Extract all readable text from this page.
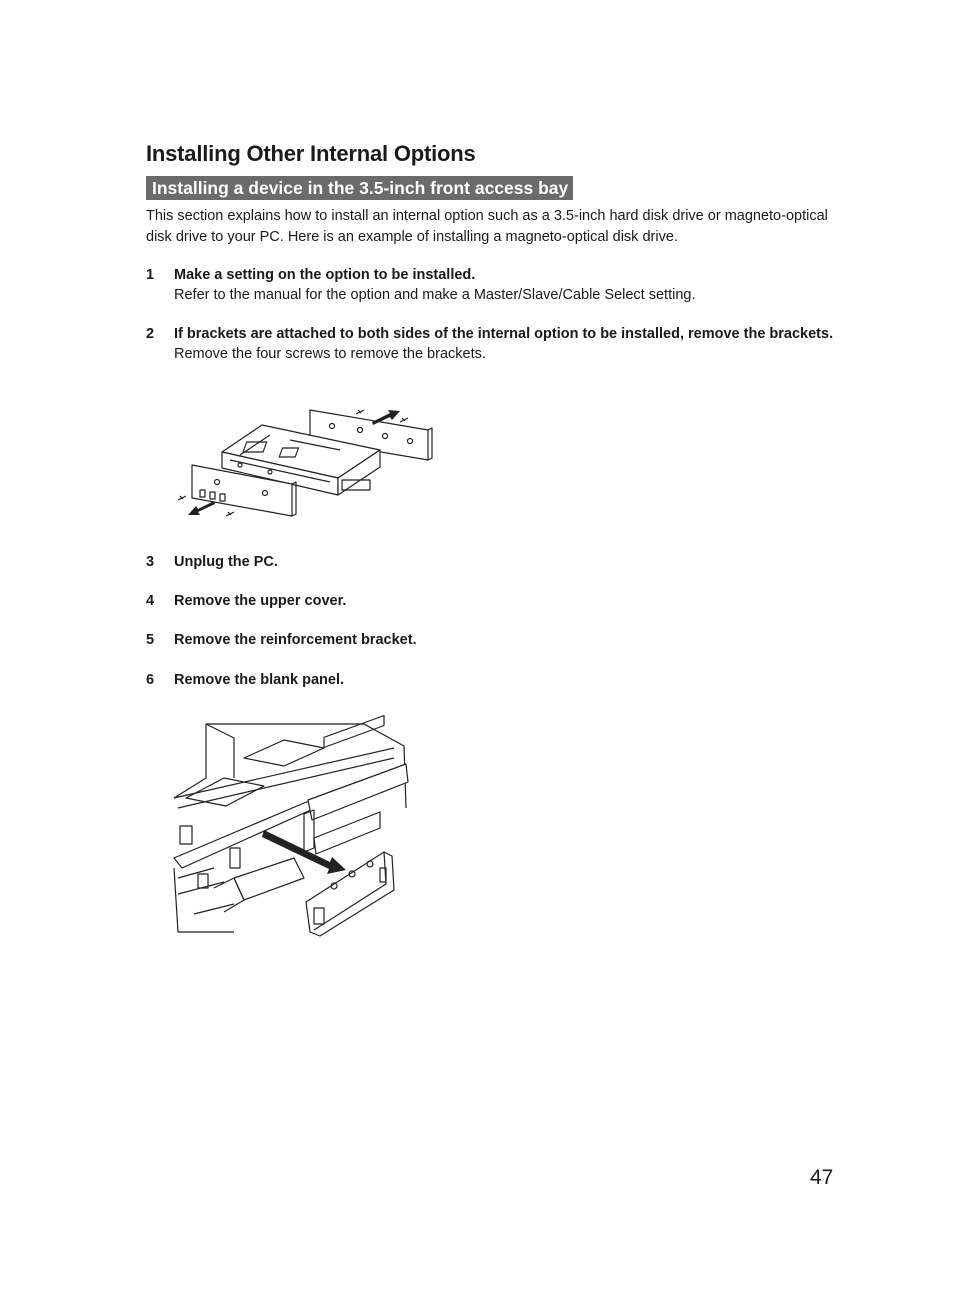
Installing Other Internal Options
Installing a device in the 3.5-inch front access bay
This section explains how to install an internal option such as a 3.5-inch hard disk drive or magneto-optical disk drive to your PC. Here is an example of installing a magneto-optical disk drive.
1 Make a setting on the option to be installed.
Refer to the manual for the option and make a Master/Slave/Cable Select setting.
2 If brackets are attached to both sides of the internal option to be installed, remove the brackets.
Remove the four screws to remove the brackets.
3 Unplug the PC.
4 Remove the upper cover.
5 Remove the reinforcement bracket.
6 Remove the blank panel.
47
